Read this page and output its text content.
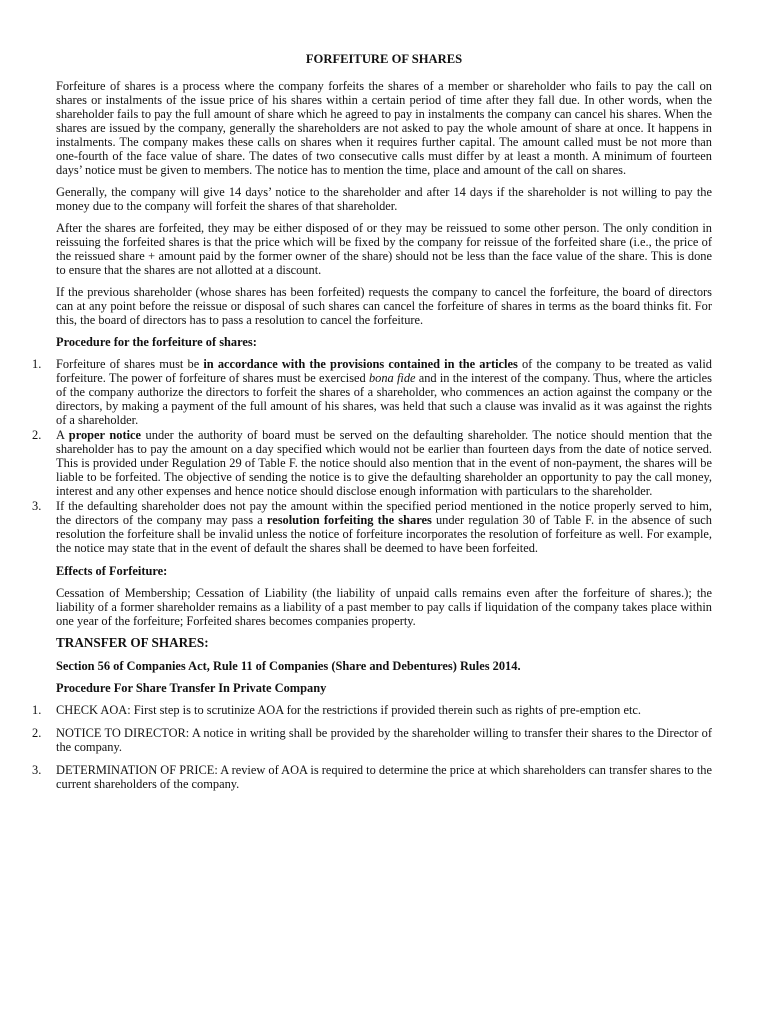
FORFEITURE OF SHARES

Forfeiture of shares is a process where the company forfeits the shares of a member or shareholder who fails to pay the call on shares or instalments of the issue price of his shares within a certain period of time after they fall due. In other words, when the shareholder fails to pay the full amount of share which he agreed to pay in instalments the company can cancel his shares. When the shares are issued by the company, generally the shareholders are not asked to pay the whole amount of share at once. It happens in instalments. The company makes these calls on shares when it requires further capital. The amount called must be not more than one-fourth of the face value of share. The dates of two consecutive calls must differ by at least a month. A minimum of fourteen days’ notice must be given to members. The notice has to mention the time, place and amount of the call on shares.

Generally, the company will give 14 days’ notice to the shareholder and after 14 days if the shareholder is not willing to pay the money due to the company will forfeit the shares of that shareholder.

After the shares are forfeited, they may be either disposed of or they may be reissued to some other person. The only condition in reissuing the forfeited shares is that the price which will be fixed by the company for reissue of the forfeited share (i.e., the price of the reissued share + amount paid by the former owner of the share) should not be less than the face value of the share. This is done to ensure that the shares are not allotted at a discount.

If the previous shareholder (whose shares has been forfeited) requests the company to cancel the forfeiture, the board of directors can at any point before the reissue or disposal of such shares can cancel the forfeiture of shares in terms as the board thinks fit. For this, the board of directors has to pass a resolution to cancel the forfeiture.

Procedure for the forfeiture of shares:
1. Forfeiture of shares must be in accordance with the provisions contained in the articles of the company to be treated as valid forfeiture. The power of forfeiture of shares must be exercised bona fide and in the interest of the company. Thus, where the articles of the company authorize the directors to forfeit the shares of a shareholder, who commences an action against the company or the directors, by making a payment of the full amount of his shares, was held that such a clause was invalid as it was against the rights of a shareholder.
2. A proper notice under the authority of board must be served on the defaulting shareholder. The notice should mention that the shareholder has to pay the amount on a day specified which would not be earlier than fourteen days from the date of notice served. This is provided under Regulation 29 of Table F. the notice should also mention that in the event of non-payment, the shares will be liable to be forfeited. The objective of sending the notice is to give the defaulting shareholder an opportunity to pay the call money, interest and any other expenses and hence notice should disclose enough information with particulars to the shareholder.
3. If the defaulting shareholder does not pay the amount within the specified period mentioned in the notice properly served to him, the directors of the company may pass a resolution forfeiting the shares under regulation 30 of Table F. in the absence of such resolution the forfeiture shall be invalid unless the notice of forfeiture incorporates the resolution of forfeiture as well. For example, the notice may state that in the event of default the shares shall be deemed to have been forfeited.
Effects of Forfeiture:

Cessation of Membership; Cessation of Liability (the liability of unpaid calls remains even after the forfeiture of shares.); the liability of a former shareholder remains as a liability of a past member to pay calls if liquidation of the company takes place within one year of the forfeiture; Forfeited shares becomes companies property.

TRANSFER OF SHARES:
Section 56 of Companies Act, Rule 11 of Companies (Share and Debentures) Rules 2014.
Procedure For Share Transfer In Private Company
1. CHECK AOA: First step is to scrutinize AOA for the restrictions if provided therein such as rights of pre-emption etc.
2. NOTICE TO DIRECTOR: A notice in writing shall be provided by the shareholder willing to transfer their shares to the Director of the company.
3. DETERMINATION OF PRICE: A review of AOA is required to determine the price at which shareholders can transfer shares to the current shareholders of the company.
